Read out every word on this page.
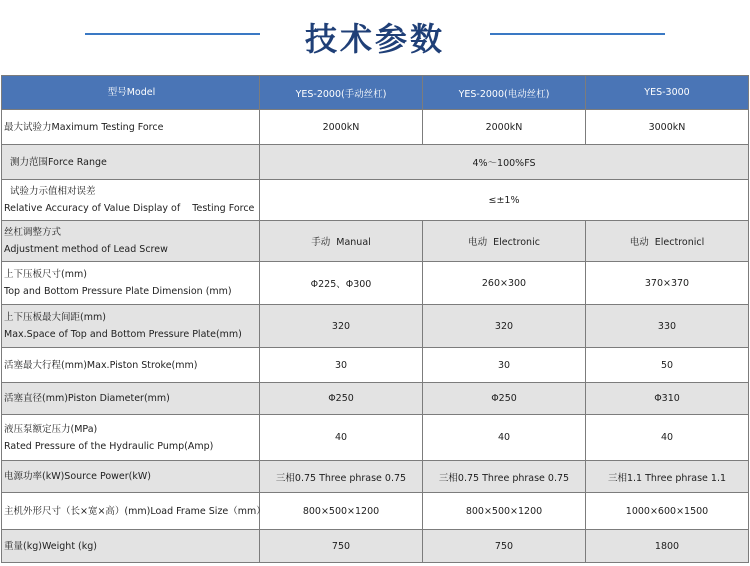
技术参数
型号Model	YES-2000(手动丝杠)	YES-2000(电动丝杠)	YES-3000

最大试验力Maximum Testing Force	2000kN	2000kN	3000kN

测力范围Force Range	4%～100%FS		

试验力示值相对误差
Relative Accuracy of Value Display of    Testing Force	≤±1%		

丝杠调整方式
Adjustment method of Lead Screw	手动  Manual	电动  Electronic	电动  Electronicl

上下压板尺寸(mm)
Top and Bottom Pressure Plate Dimension (mm)	Φ225、Φ300	260×300	370×370

上下压板最大间距(mm)
Max.Space of Top and Bottom Pressure Plate(mm)	320	320	330

活塞最大行程(mm)Max.Piston Stroke(mm)	30	30	50

活塞直径(mm)Piston Diameter(mm)	Φ250	Φ250	Φ310

液压泵额定压力(MPa)
Rated Pressure of the Hydraulic Pump(Amp)	40	40	40

电源功率(kW)Source Power(kW)	三相0.75 Three phrase 0.75	三相0.75 Three phrase 0.75	三相1.1 Three phrase 1.1

主机外形尺寸（长×宽×高）(mm)Load Frame Size（mm）	800×500×1200	800×500×1200	1000×600×1500

重量(kg)Weight (kg)	750	750	1800
